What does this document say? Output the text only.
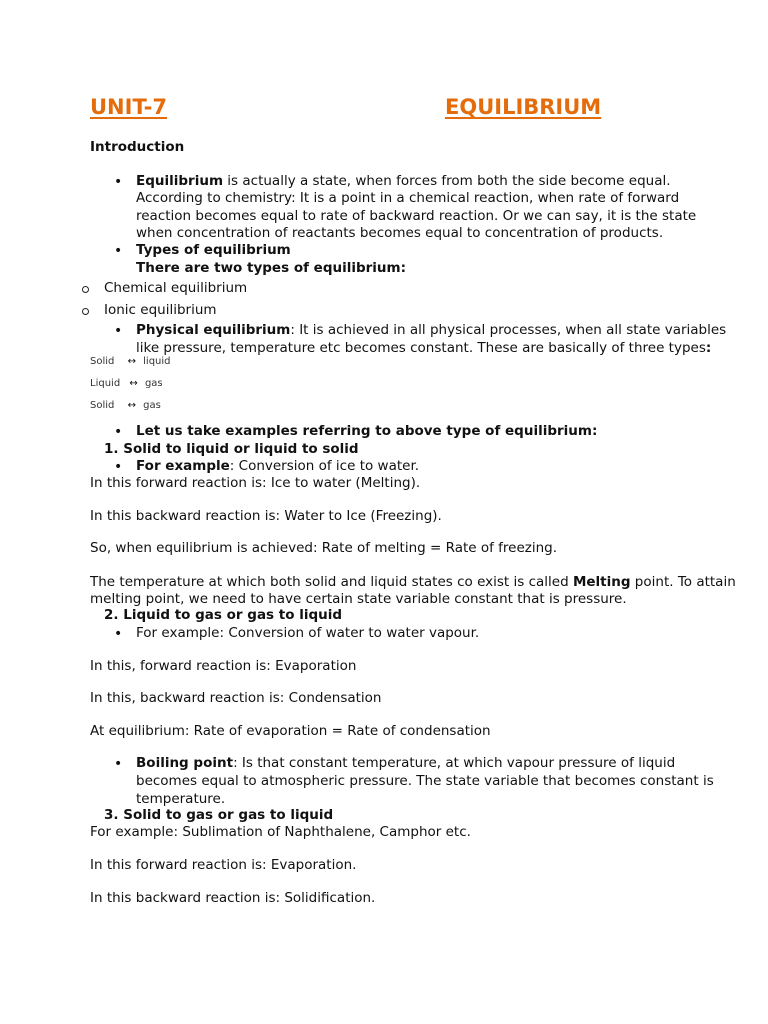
UNIT-7	EQUILIBRIUM
Introduction
• Equilibrium is actually a state, when forces from both the side become equal.
According to chemistry: It is a point in a chemical reaction, when rate of forward
reaction becomes equal to rate of backward reaction. Or we can say, it is the state
when concentration of reactants becomes equal to concentration of products.
• Types of equilibrium
There are two types of equilibrium:
Chemical equilibrium
Ionic equilibrium
• Physical equilibrium: It is achieved in all physical processes, when all state variables
like pressure, temperature etc becomes constant. These are basically of three types:
Solid ↔ liquid
Liquid ↔ gas
Solid ↔ gas
• Let us take examples referring to above type of equilibrium:
1. Solid to liquid or liquid to solid
• For example: Conversion of ice to water.
In this forward reaction is: Ice to water (Melting).
In this backward reaction is: Water to Ice (Freezing).
So, when equilibrium is achieved: Rate of melting = Rate of freezing.
The temperature at which both solid and liquid states co exist is called Melting point. To attain
melting point, we need to have certain state variable constant that is pressure.
2. Liquid to gas or gas to liquid
• For example: Conversion of water to water vapour.
In this, forward reaction is: Evaporation
In this, backward reaction is: Condensation
At equilibrium: Rate of evaporation = Rate of condensation
• Boiling point: Is that constant temperature, at which vapour pressure of liquid
becomes equal to atmospheric pressure. The state variable that becomes constant is
temperature.
3. Solid to gas or gas to liquid
For example: Sublimation of Naphthalene, Camphor etc.
In this forward reaction is: Evaporation.
In this backward reaction is: Solidification.
